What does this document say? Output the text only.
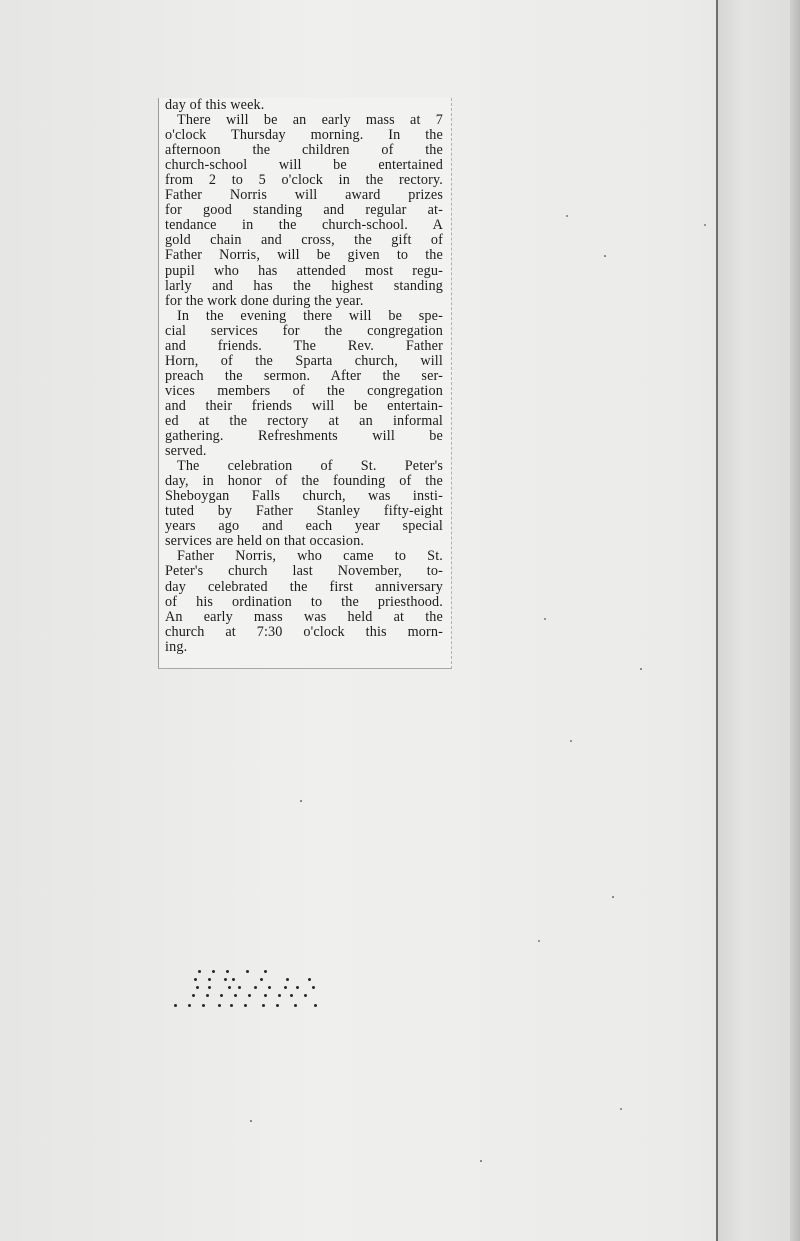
day of this week.
There will be an early mass at 7
o'clock Thursday morning. In the
afternoon the children of the
church-school will be entertained
from 2 to 5 o'clock in the rectory.
Father Norris will award prizes
for good standing and regular at-
tendance in the church-school. A
gold chain and cross, the gift of
Father Norris, will be given to the
pupil who has attended most regu-
larly and has the highest standing
for the work done during the year.
In the evening there will be spe-
cial services for the congregation
and friends. The Rev. Father
Horn, of the Sparta church, will
preach the sermon. After the ser-
vices members of the congregation
and their friends will be entertain-
ed at the rectory at an informal
gathering. Refreshments will be
served.
The celebration of St. Peter's
day, in honor of the founding of the
Sheboygan Falls church, was insti-
tuted by Father Stanley fifty-eight
years ago and each year special
services are held on that occasion.
Father Norris, who came to St.
Peter's church last November, to-
day celebrated the first anniversary
of his ordination to the priesthood.
An early mass was held at the
church at 7:30 o'clock this morn-
ing.
